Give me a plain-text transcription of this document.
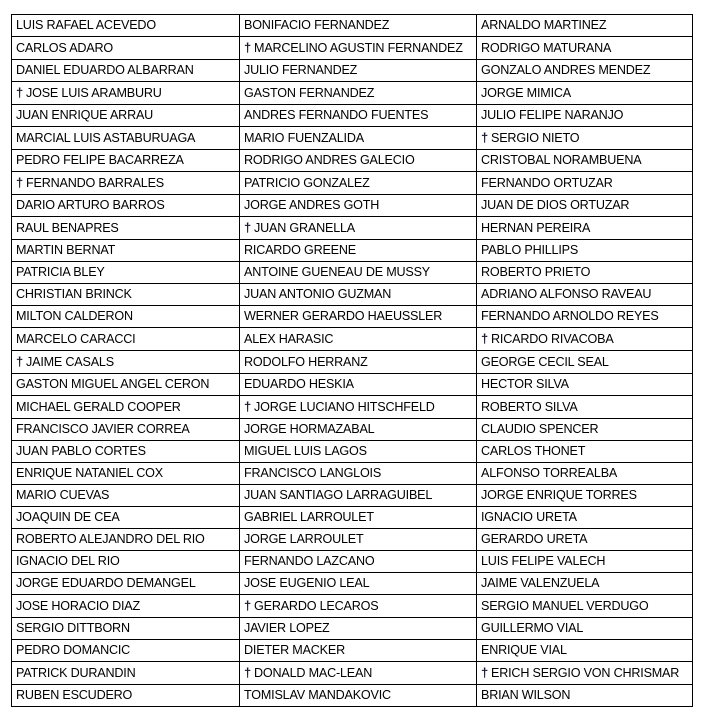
LUIS RAFAEL ACEVEDO	BONIFACIO FERNANDEZ	ARNALDO MARTINEZ
CARLOS ADARO	† MARCELINO AGUSTIN FERNANDEZ	RODRIGO MATURANA
DANIEL EDUARDO ALBARRAN	JULIO FERNANDEZ	GONZALO ANDRES MENDEZ
† JOSE LUIS ARAMBURU	GASTON FERNANDEZ	JORGE MIMICA
JUAN ENRIQUE ARRAU	ANDRES FERNANDO FUENTES	JULIO FELIPE NARANJO
MARCIAL LUIS ASTABURUAGA	MARIO FUENZALIDA	† SERGIO NIETO
PEDRO FELIPE BACARREZA	RODRIGO ANDRES GALECIO	CRISTOBAL NORAMBUENA
† FERNANDO BARRALES	PATRICIO GONZALEZ	FERNANDO ORTUZAR
DARIO ARTURO BARROS	JORGE ANDRES GOTH	JUAN DE DIOS ORTUZAR
RAUL BENAPRES	† JUAN GRANELLA	HERNAN PEREIRA
MARTIN BERNAT	RICARDO GREENE	PABLO PHILLIPS
PATRICIA BLEY	ANTOINE GUENEAU DE MUSSY	ROBERTO PRIETO
CHRISTIAN BRINCK	JUAN ANTONIO GUZMAN	ADRIANO ALFONSO RAVEAU
MILTON CALDERON	WERNER GERARDO HAEUSSLER	FERNANDO ARNOLDO REYES
MARCELO CARACCI	ALEX HARASIC	† RICARDO RIVACOBA
† JAIME CASALS	RODOLFO HERRANZ	GEORGE CECIL SEAL
GASTON MIGUEL ANGEL CERON	EDUARDO HESKIA	HECTOR SILVA
MICHAEL GERALD COOPER	† JORGE LUCIANO HITSCHFELD	ROBERTO SILVA
FRANCISCO JAVIER CORREA	JORGE HORMAZABAL	CLAUDIO SPENCER
JUAN PABLO CORTES	MIGUEL LUIS LAGOS	CARLOS THONET
ENRIQUE NATANIEL COX	FRANCISCO LANGLOIS	ALFONSO TORREALBA
MARIO CUEVAS	JUAN SANTIAGO LARRAGUIBEL	JORGE ENRIQUE TORRES
JOAQUIN DE CEA	GABRIEL LARROULET	IGNACIO URETA
ROBERTO ALEJANDRO DEL RIO	JORGE LARROULET	GERARDO URETA
IGNACIO DEL RIO	FERNANDO LAZCANO	LUIS FELIPE VALECH
JORGE EDUARDO DEMANGEL	JOSE EUGENIO LEAL	JAIME VALENZUELA
JOSE HORACIO DIAZ	† GERARDO LECAROS	SERGIO MANUEL VERDUGO
SERGIO DITTBORN	JAVIER LOPEZ	GUILLERMO VIAL
PEDRO DOMANCIC	DIETER MACKER	ENRIQUE VIAL
PATRICK DURANDIN	† DONALD MAC-LEAN	† ERICH SERGIO VON CHRISMAR
RUBEN ESCUDERO	TOMISLAV MANDAKOVIC	BRIAN WILSON
